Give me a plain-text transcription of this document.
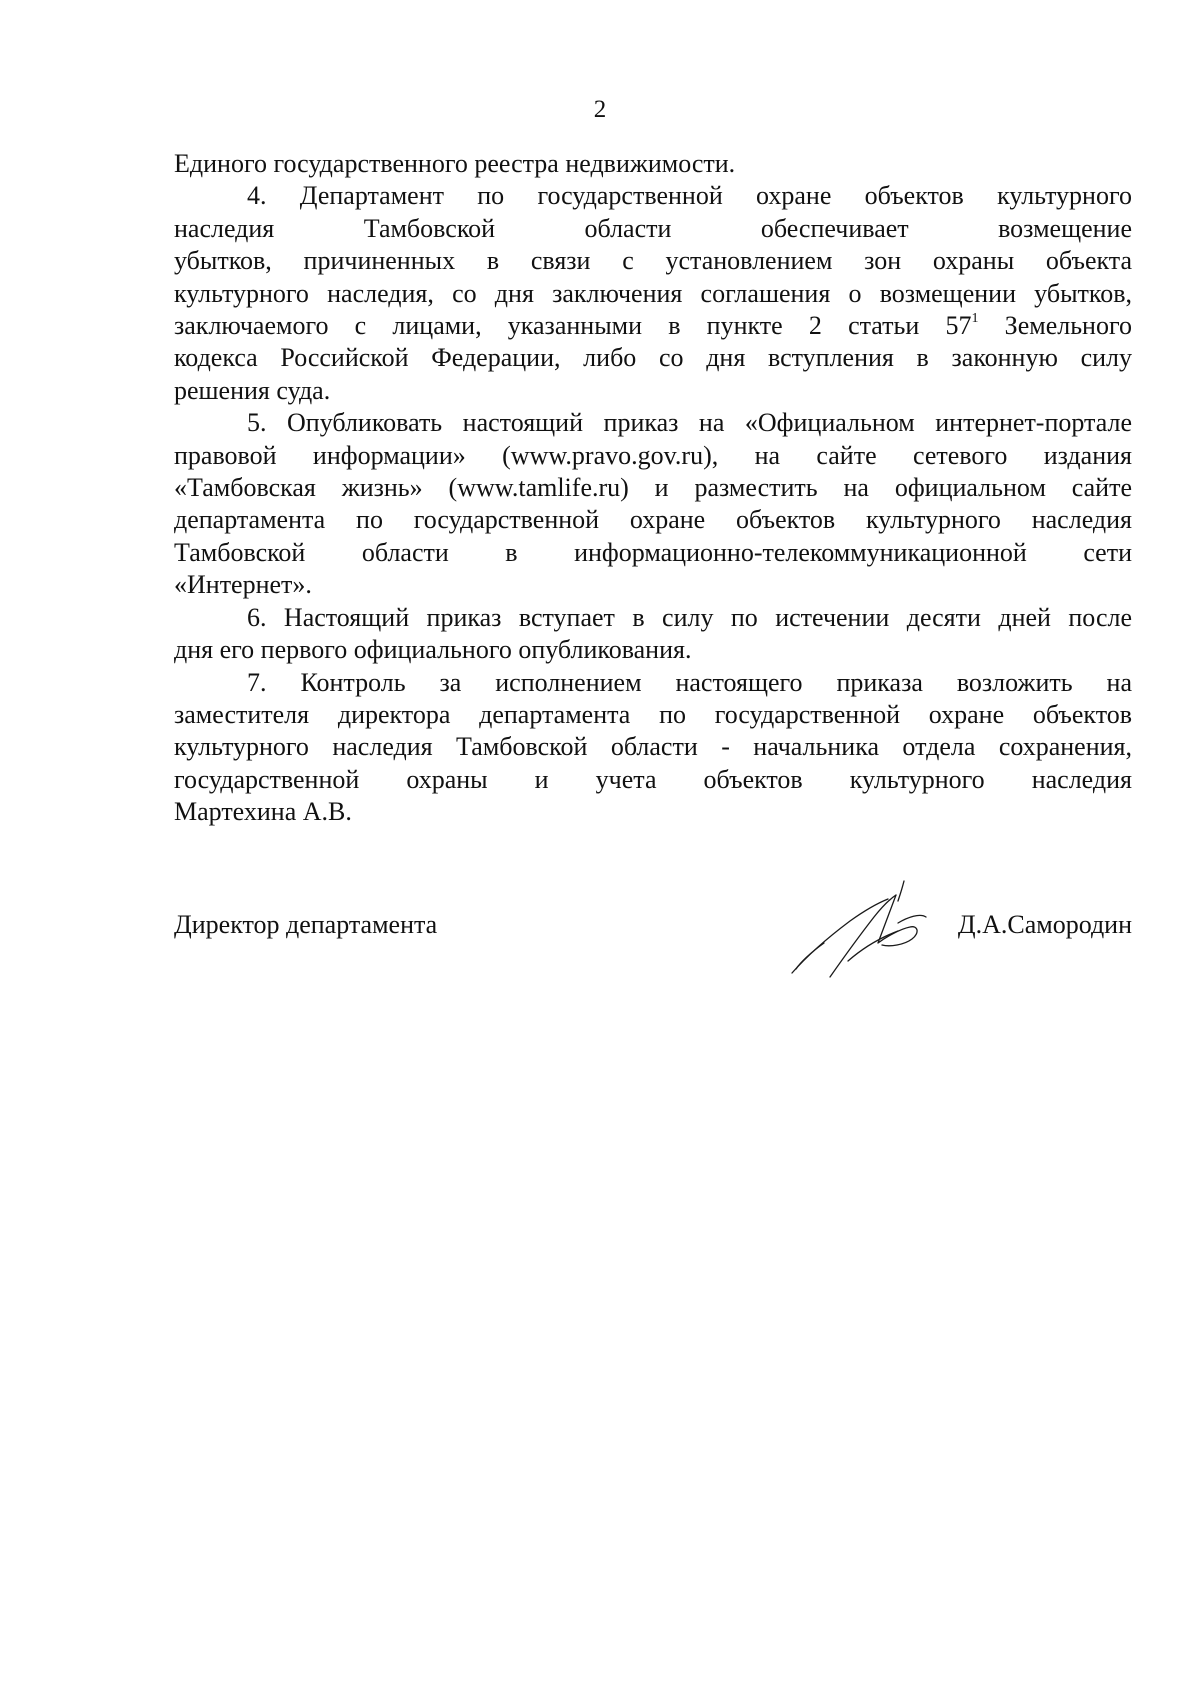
2

Единого государственного реестра недвижимости.

4. Департамент по государственной охране объектов культурного
наследия Тамбовской области обеспечивает возмещение
убытков, причиненных в связи с установлением зон охраны объекта
культурного наследия, со дня заключения соглашения о возмещении убытков,
заключаемого с лицами, указанными в пункте 2 статьи $57^1$ Земельного
кодекса Российской Федерации, либо со дня вступления в законную силу
решения суда.

5. Опубликовать настоящий приказ на «Официальном интернет-портале
правовой информации» (www.pravo.gov.ru), на сайте сетевого издания
«Тамбовская жизнь» (www.tamlife.ru) и разместить на официальном сайте
департамента по государственной охране объектов культурного наследия
Тамбовской области в информационно-телекоммуникационной сети
«Интернет».

6. Настоящий приказ вступает в силу по истечении десяти дней после
дня его первого официального опубликования.

7. Контроль за исполнением настоящего приказа возложить на
заместителя директора департамента по государственной охране объектов
культурного наследия Тамбовской области - начальника отдела сохранения,
государственной охраны и учета объектов культурного наследия
Мартехина А.В.

Директор департамента	Д.А.Самородин
